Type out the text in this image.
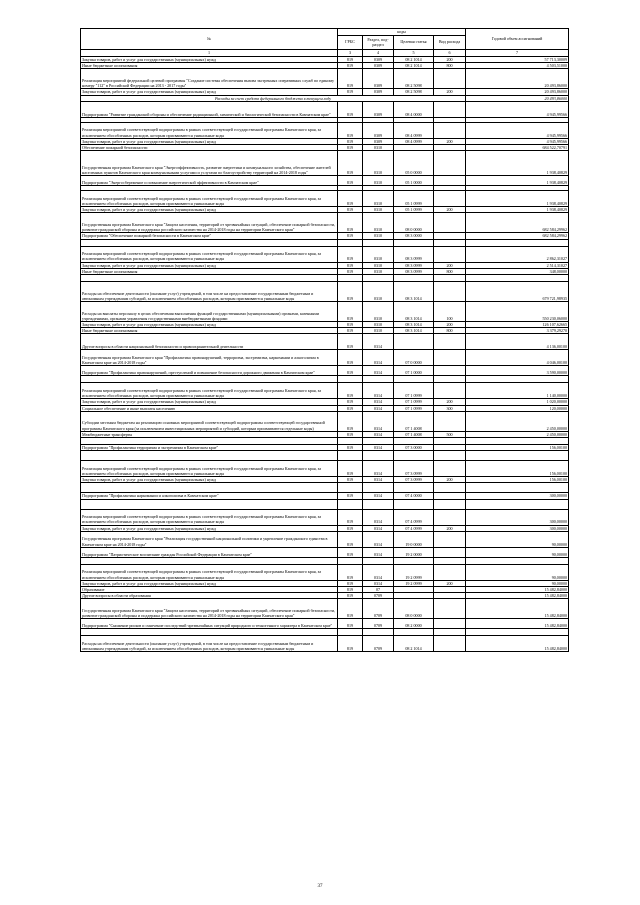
№	коды				Годовой объем ассигнований
	ГРБС	Раздел, под-раздел	Целевая статья	Вид расхода	
1	3	4	5	6	7
Закупка товаров, работ и услуг для государственных (муниципальных) нужд	819	0309	08 2 1014	200	57 713,30009
Иные бюджетные ассигнования	819	0309	08 2 1014	800	4 503,51000
Реализация мероприятий федеральной целевой программы "Создание системы обеспечения вызова экстренных оперативных служб по единому номеру "112" в Российской Федерации на 2013 - 2017 годы"	819	0309	08 2 5098		20 493,86000
Закупка товаров, работ и услуг для государственных (муниципальных) нужд	819	0309	08 2 5098	200	20 493,86000
Расходы за счет средств федерального бюджета в текущем году					20 493,86000
Подпрограмма "Развитие гражданской обороны и обеспечение радиационной, химической и биологической безопасности в Камчатском крае"	819	0309	08 4 0000		4 945,99566

Реализация мероприятий соответствующей подпрограммы в рамках соответствующей государственной программы Камчатского края, за исключением обособленных расходов, которым присваиваются уникальные коды	819	0309	08 4 0999		4 945,99566
Закупка товаров, работ и услуг для государственных (муниципальных) нужд	819	0309	08 4 0999	200	4 945,99566
Обеспечение пожарной безопасности	819	0310			684 522,70791
Государственная программа Камчатского края "Энергоэффективность, развитие энергетики и коммунального хозяйства, обеспечение жителей населенных пунктов Камчатского края коммунальными услугами и услугами по благоустройству территорий на 2014-2018 годы"	819	0310	05 0 0000		1 938,40829
Подпрограмма "Энергосбережение и повышение энергетической эффективности в Камчатском крае"	819	0310	05 1 0000		1 938,40829

Реализация мероприятий соответствующей подпрограммы в рамках соответствующей государственной программы Камчатского края, за исключением обособленных расходов, которым присваиваются уникальные коды	819	0310	05 1 0999		1 938,40829
Закупка товаров, работ и услуг для государственных (муниципальных) нужд	819	0310	05 1 0999	200	1 938,40829
Государственная программа Камчатского края "Защита населения, территорий от чрезвычайных ситуаций, обеспечение пожарной безопасности, развитие гражданской обороны и поддержка российского казачества на 2014-2018 годы на территории Камчатского края"	819	0310	08 0 0000		682 584,29962
Подпрограмма "Обеспечение пожарной безопасности в Камчатском крае"	819	0310	08 3 0000		682 584,29962

Реализация мероприятий соответствующей подпрограммы в рамках соответствующей государственной программы Камчатского края, за исключением обособленных расходов, которым присваиваются уникальные коды	819	0310	08 3 0999		2 862,31027
Закупка товаров, работ и услуг для государственных (муниципальных) нужд	819	0310	08 3 0999	200	2 514,31027
Иные бюджетные ассигнования	819	0310	08 3 0999	800	348,00000

Расходы на обеспечение деятельности (оказание услуг) учреждений, в том числе на предоставление государственным бюджетным и автономным учреждениям субсидий, за исключением обособленных расходов, которым присваиваются уникальные коды	819	0310	08 3 1014		679 721,98935
Расходы на выплаты персоналу в целях обеспечения выполнения функций государственными (муниципальными) органами, казенными учреждениями, органами управления государственными внебюджетными фондами	819	0310	08 3 1014	100	550 230,06000
Закупка товаров, работ и услуг для государственных (муниципальных) нужд	819	0310	08 3 1014	200	126 107,62665
Иные бюджетные ассигнования	819	0310	08 3 1014	800	3 379,29270
Другие вопросы в области национальной безопасности и правоохранительной деятельности	819	0314			4 136,00100
Государственная программа Камчатского края "Профилактика правонарушений, терроризма, экстремизма, наркомании и алкоголизма в Камчатском крае на 2014-2018 годы"	819	0314	07 0 0000		4 046,00100
Подпрограмма "Профилактика правонарушений, преступлений и повышение безопасности дорожного движения в Камчатском крае"	819	0314	07 1 0000		3 590,00000

Реализация мероприятий соответствующей подпрограммы в рамках соответствующей государственной программы Камчатского края, за исключением обособленных расходов, которым присваиваются уникальные коды	819	0314	07 1 0999		1 140,00000
Закупка товаров, работ и услуг для государственных (муниципальных) нужд	819	0314	07 1 0999	200	1 020,00000
Социальное обеспечение и иные выплаты населению	819	0314	07 1 0999	300	120,00000
Субсидии местным бюджетам на реализацию основных мероприятий соответствующей подпрограммы соответствующей государственной программы Камчатского края (за исключением инвестиционных мероприятий и субсидий, которым присваиваются отдельные коды)	819	0314	07 1 4008		2 450,00000
Межбюджетные трансферты	819	0314	07 1 4008	500	2 450,00000

Подпрограмма "Профилактика терроризма и экстремизма в Камчатском крае"	819	0314	07 3 0000		156,00100

Реализация мероприятий соответствующей подпрограммы в рамках соответствующей государственной программы Камчатского края, за исключением обособленных расходов, которым присваиваются уникальные коды	819	0314	07 3 0999		156,00100
Закупка товаров, работ и услуг для государственных (муниципальных) нужд	819	0314	07 3 0999	200	156,00100

Подпрограмма "Профилактика наркомании и алкоголизма в Камчатском крае"	819	0314	07 4 0000		300,00000

Реализация мероприятий соответствующей подпрограммы в рамках соответствующей государственной программы Камчатского края, за исключением обособленных расходов, которым присваиваются уникальные коды	819	0314	07 4 0999		300,00000
Закупка товаров, работ и услуг для государственных (муниципальных) нужд	819	0314	07 4 0999	200	300,00000
Государственная программа Камчатского края "Реализация государственной национальной политики и укрепление гражданского единства в Камчатском крае на 2014-2018 годы"	819	0314	19 0 0000		90,00000
Подпрограмма "Патриотическое воспитание граждан Российской Федерации в Камчатском крае"	819	0314	19 2 0000		90,00000

Реализация мероприятий соответствующей подпрограммы в рамках соответствующей государственной программы Камчатского края, за исключением обособленных расходов, которым присваиваются уникальные коды	819	0314	19 2 0999		90,00000
Закупка товаров, работ и услуг для государственных (муниципальных) нужд	819	0314	19 2 0999	200	90,00000
Образование	819	07			15 482,84000
Другие вопросы в области образования	819	0709			15 482,84000
Государственная программа Камчатского края "Защита населения, территорий от чрезвычайных ситуаций, обеспечение пожарной безопасности, развитие гражданской обороны и поддержка российского казачества на 2014-2018 годы на территории Камчатского края"	819	0709	08 0 0000		15 482,84000
Подпрограмма "Снижение рисков и смягчение последствий чрезвычайных ситуаций природного и техногенного характера в Камчатском крае"	819	0709	08 2 0000		15 482,84000

Расходы на обеспечение деятельности (оказание услуг) учреждений, в том числе на предоставление государственным бюджетным и автономным учреждениям субсидий, за исключением обособленных расходов, которым присваиваются уникальные коды	819	0709	08 2 1014		15 482,84000
37
